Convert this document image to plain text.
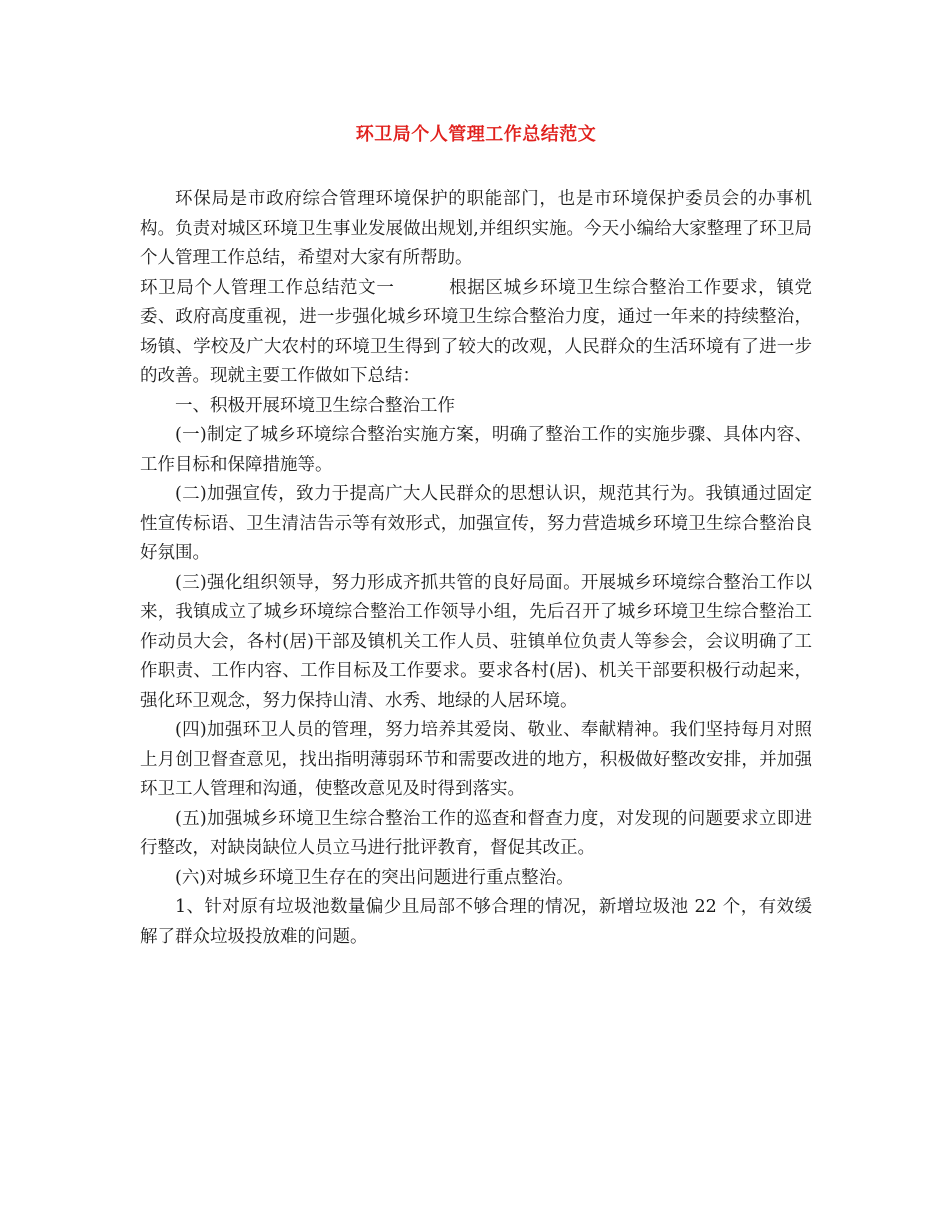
环卫局个人管理工作总结范文

环保局是市政府综合管理环境保护的职能部门，也是市环境保护委员会的办事机构。负责对城区环境卫生事业发展做出规划,并组织实施。今天小编给大家整理了环卫局个人管理工作总结，希望对大家有所帮助。

环卫局个人管理工作总结范文一　　　根据区城乡环境卫生综合整治工作要求，镇党委、政府高度重视，进一步强化城乡环境卫生综合整治力度，通过一年来的持续整治，场镇、学校及广大农村的环境卫生得到了较大的改观，人民群众的生活环境有了进一步的改善。现就主要工作做如下总结：

一、积极开展环境卫生综合整治工作

(一)制定了城乡环境综合整治实施方案，明确了整治工作的实施步骤、具体内容、工作目标和保障措施等。

(二)加强宣传，致力于提高广大人民群众的思想认识，规范其行为。我镇通过固定性宣传标语、卫生清洁告示等有效形式，加强宣传，努力营造城乡环境卫生综合整治良好氛围。

(三)强化组织领导，努力形成齐抓共管的良好局面。开展城乡环境综合整治工作以来，我镇成立了城乡环境综合整治工作领导小组，先后召开了城乡环境卫生综合整治工作动员大会，各村(居)干部及镇机关工作人员、驻镇单位负责人等参会，会议明确了工作职责、工作内容、工作目标及工作要求。要求各村(居)、机关干部要积极行动起来，强化环卫观念，努力保持山清、水秀、地绿的人居环境。

(四)加强环卫人员的管理，努力培养其爱岗、敬业、奉献精神。我们坚持每月对照上月创卫督查意见，找出指明薄弱环节和需要改进的地方，积极做好整改安排，并加强环卫工人管理和沟通，使整改意见及时得到落实。

(五)加强城乡环境卫生综合整治工作的巡查和督查力度，对发现的问题要求立即进行整改，对缺岗缺位人员立马进行批评教育，督促其改正。

(六)对城乡环境卫生存在的突出问题进行重点整治。

1、针对原有垃圾池数量偏少且局部不够合理的情况，新增垃圾池 22 个，有效缓解了群众垃圾投放难的问题。
